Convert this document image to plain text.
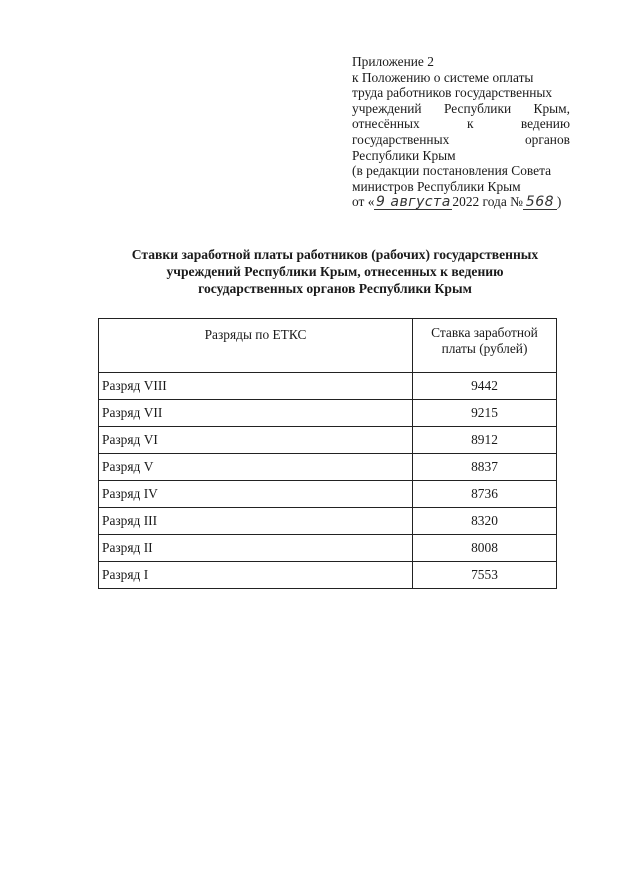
Приложение 2
к Положению о системе оплаты
труда работников государственных
учреждений Республики Крым,
отнесённых	к	ведению
государственных	органов
Республики Крым
(в редакции постановления Совета
министров Республики Крым
от « 9 августа 2022 года № 568 )
Ставки заработной платы работников (рабочих) государственных
учреждений Республики Крым, отнесенных к ведению
государственных органов Республики Крым
Разряды по ЕТКС	Ставка заработной
платы (рублей)
Разряд VIII	9442
Разряд VII	9215
Разряд VI	8912
Разряд V	8837
Разряд IV	8736
Разряд III	8320
Разряд II	8008
Разряд I	7553
